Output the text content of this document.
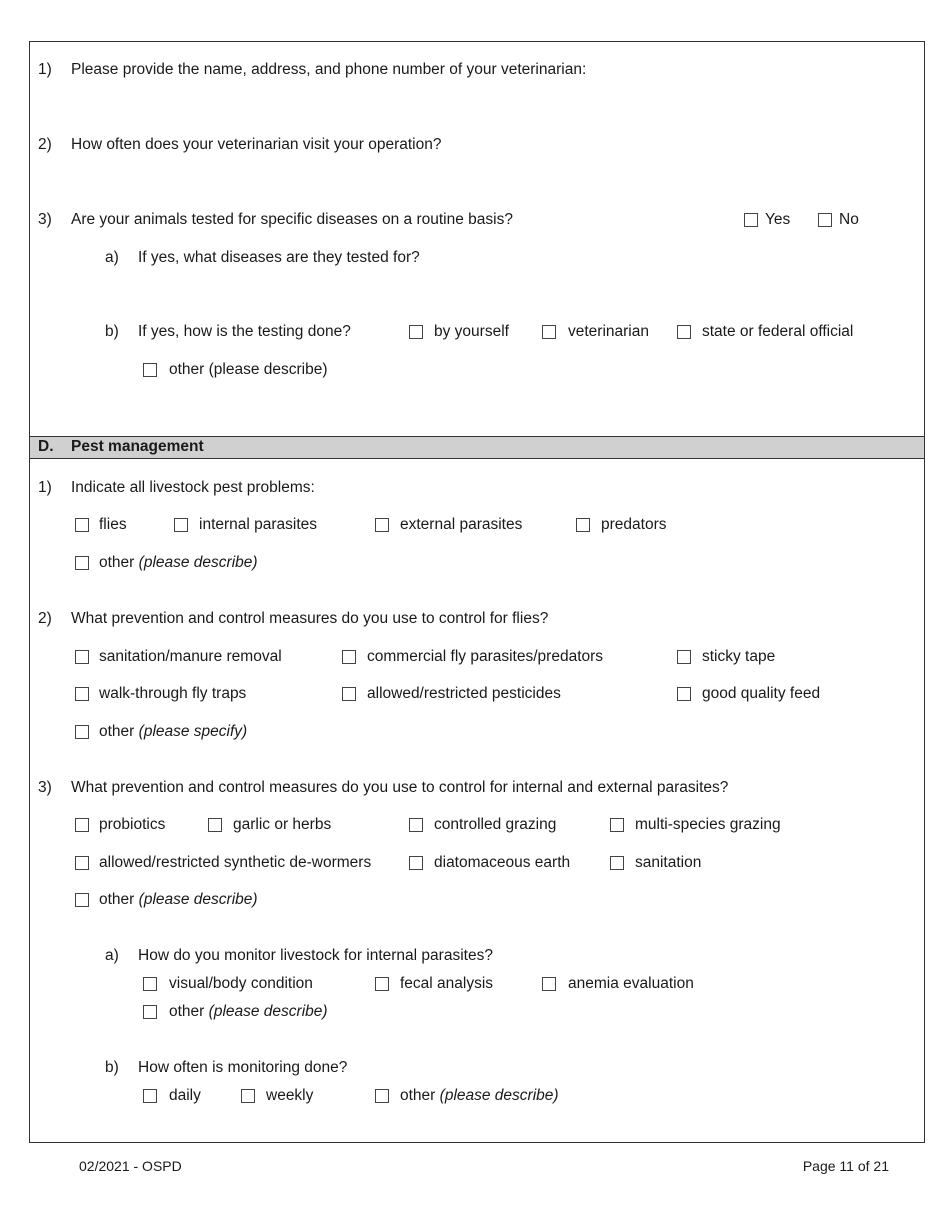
1) Please provide the name, address, and phone number of your veterinarian:
2) How often does your veterinarian visit your operation?
3) Are your animals tested for specific diseases on a routine basis?	Yes	No
a) If yes, what diseases are they tested for?
b) If yes, how is the testing done?	by yourself	veterinarian	state or federal official
other (please describe)
D. Pest management
1) Indicate all livestock pest problems:
flies	internal parasites	external parasites	predators
other (please describe)
2) What prevention and control measures do you use to control for flies?
sanitation/manure removal	commercial fly parasites/predators	sticky tape
walk-through fly traps	allowed/restricted pesticides	good quality feed
other (please specify)
3) What prevention and control measures do you use to control for internal and external parasites?
probiotics	garlic or herbs	controlled grazing	multi-species grazing
allowed/restricted synthetic de-wormers	diatomaceous earth	sanitation
other (please describe)
a) How do you monitor livestock for internal parasites?
visual/body condition	fecal analysis	anemia evaluation
other (please describe)
b) How often is monitoring done?
daily	weekly	other (please describe)
02/2021 - OSPD	Page 11 of 21
